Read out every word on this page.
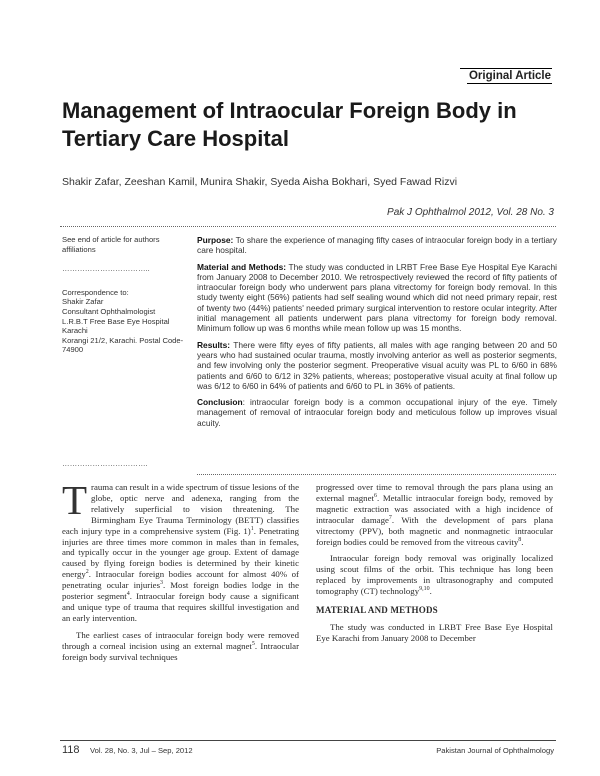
Original Article
Management of Intraocular Foreign Body in Tertiary Care Hospital
Shakir Zafar, Zeeshan Kamil, Munira Shakir, Syeda Aisha Bokhari, Syed Fawad Rizvi
Pak J Ophthalmol 2012, Vol. 28 No. 3

See end of article for authors affiliations

……………………………..

Correspondence to:

Shakir Zafar

Consultant Ophthalmologist

L.R.B.T Free Base Eye Hospital Karachi

Korangi 21/2, Karachi. Postal Code- 74900

…………………………….

Purpose: To share the experience of managing fifty cases of intraocular foreign body in a tertiary care hospital.

Material and Methods: The study was conducted in LRBT Free Base Eye Hospital Eye Karachi from January 2008 to December 2010. We retrospectively reviewed the record of fifty patients of intraocular foreign body who underwent pars plana vitrectomy for foreign body removal. In this study twenty eight (56%) patients had self sealing wound which did not need primary repair, rest of twenty two (44%) patients' needed primary surgical intervention to restore ocular integrity. After initial management all patients underwent pars plana vitrectomy for foreign body removal. Minimum follow up was 6 months while mean follow up was 15 months.

Results: There were fifty eyes of fifty patients, all males with age ranging between 20 and 50 years who had sustained ocular trauma, mostly involving anterior as well as posterior segments, and few involving only the posterior segment. Preoperative visual acuity was PL to 6/60 in 68% patients and 6/60 to 6/12 in 32% patients, whereas; postoperative visual acuity at final follow up was 6/12 to 6/60 in 64% of patients and 6/60 to PL in 36% of patients.

Conclusion: intraocular foreign body is a common occupational injury of the eye. Timely management of removal of intraocular foreign body and meticulous follow up improves visual acuity.

Trauma can result in a wide spectrum of tissue lesions of the globe, optic nerve and adenexa, ranging from the relatively superficial to vision threatening. The Birmingham Eye Trauma Terminology (BETT) classifies each injury type in a comprehensive system (Fig. 1)$^1$. Penetrating injuries are three times more common in males than in females, and typically occur in the younger age group. Extent of damage caused by flying foreign bodies is determined by their kinetic energy$^2$. Intraocular foreign bodies account for almost 40% of penetrating ocular injuries$^3$. Most foreign bodies lodge in the posterior segment$^4$. Intraocular foreign body cause a significant and unique type of trauma that requires skillful investigation and an early intervention.

The earliest cases of intraocular foreign body were removed through a corneal incision using an external magnet$^5$. Intraocular foreign body survival techniques

progressed over time to removal through the pars plana using an external magnet$^6$. Metallic intraocular foreign body, removed by magnetic extraction was associated with a high incidence of intraocular damage$^7$. With the development of pars plana vitrectomy (PPV), both magnetic and nonmagnetic intraocular foreign bodies could be removed from the vitreous cavity$^8$.

Intraocular foreign body removal was originally localized using scout films of the orbit. This technique has long been replaced by improvements in ultrasonography and computed tomography (CT) technology$^{9,10}$.

MATERIAL AND METHODS

The study was conducted in LRBT Free Base Eye Hospital Eye Karachi from January 2008 to December

118 Vol. 28, No. 3, Jul – Sep, 2012	Pakistan Journal of Ophthalmology
